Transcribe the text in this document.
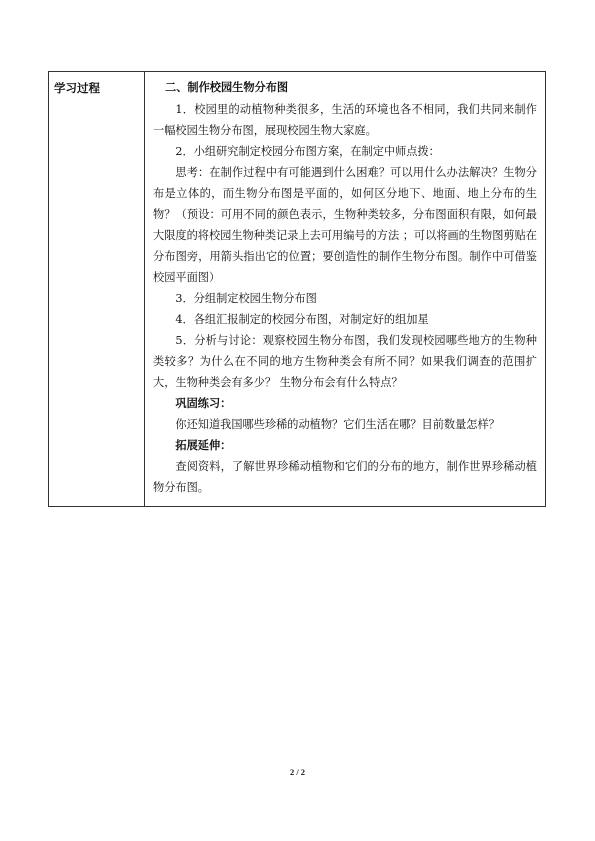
学习过程	二、制作校园生物分布图

1．校园里的动植物种类很多，生活的环境也各不相同，我们共同来制作一幅校园生物分布图，展现校园生物大家庭。

2．小组研究制定校园分布图方案，在制定中师点拨：

思考：在制作过程中有可能遇到什么困难？可以用什么办法解决？生物分布是立体的，而生物分布图是平面的，如何区分地下、地面、地上分布的生物？（预设：可用不同的颜色表示，生物种类较多，分布图面积有限，如何最大限度的将校园生物种类记录上去可用编号的方法 ；可以将画的生物图剪贴在分布图旁，用箭头指出它的位置；要创造性的制作生物分布图。制作中可借鉴校园平面图）

3．分组制定校园生物分布图

4．各组汇报制定的校园分布图，对制定好的组加星

5．分析与讨论：观察校园生物分布图，我们发现校园哪些地方的生物种类较多？为什么在不同的地方生物种类会有所不同？如果我们调查的范围扩大，生物种类会有多少？ 生物分布会有什么特点？

巩固练习：

你还知道我国哪些珍稀的动植物？它们生活在哪？目前数量怎样？

拓展延伸：

查阅资料，了解世界珍稀动植物和它们的分布的地方，制作世界珍稀动植物分布图。

2 / 2
